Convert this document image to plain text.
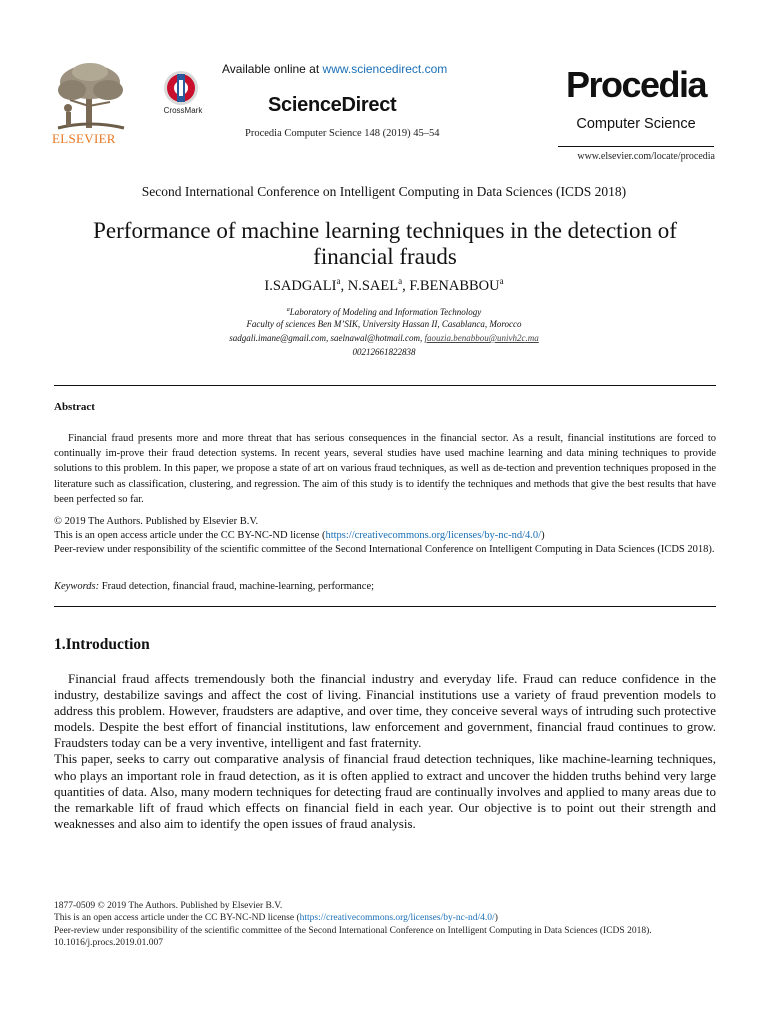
ELSEVIER
CrossMark
Available online at www.sciencedirect.com
ScienceDirect
Procedia Computer Science 148 (2019) 45–54
Procedia
Computer Science
www.elsevier.com/locate/procedia
Second International Conference on Intelligent Computing in Data Sciences (ICDS 2018)
Performance of machine learning techniques in the detection of financial frauds
I.SADGALI$^a$, N.SAEL$^a$, F.BENABBOU$^a$
$^a$Laboratory of Modeling and Information Technology
Faculty of sciences Ben M’SIK, University Hassan II, Casablanca, Morocco
sadgali.imane@gmail.com, saelnawal@hotmail.com, faouzia.benabbou@univh2c.ma
00212661822838
Abstract
Financial fraud presents more and more threat that has serious consequences in the financial sector. As a result, financial institutions are forced to continually im-prove their fraud detection systems. In recent years, several studies have used machine learning and data mining techniques to provide solutions to this problem. In this paper, we propose a state of art on various fraud techniques, as well as de-tection and prevention techniques proposed in the literature such as classification, clustering, and regression. The aim of this study is to identify the techniques and methods that give the best results that have been perfected so far.
© 2019 The Authors. Published by Elsevier B.V.
This is an open access article under the CC BY-NC-ND license (https://creativecommons.org/licenses/by-nc-nd/4.0/)
Peer-review under responsibility of the scientific committee of the Second International Conference on Intelligent Computing in Data Sciences (ICDS 2018).
Keywords: Fraud detection, financial fraud, machine-learning, performance;
1.Introduction

Financial fraud affects tremendously both the financial industry and everyday life. Fraud can reduce confidence in the industry, destabilize savings and affect the cost of living. Financial institutions use a variety of fraud prevention models to address this problem. However, fraudsters are adaptive, and over time, they conceive several ways of intruding such protective models. Despite the best effort of financial institutions, law enforcement and government, financial fraud continues to grow. Fraudsters today can be a very inventive, intelligent and fast fraternity.

This paper, seeks to carry out comparative analysis of financial fraud detection techniques, like machine-learning techniques, who plays an important role in fraud detection, as it is often applied to extract and uncover the hidden truths behind very large quantities of data. Also, many modern techniques for detecting fraud are continually involves and applied to many areas due to the remarkable lift of fraud which effects on financial field in each year. Our objective is to point out their strength and weaknesses and also aim to identify the open issues of fraud analysis.

1877-0509 © 2019 The Authors. Published by Elsevier B.V.
This is an open access article under the CC BY-NC-ND license (https://creativecommons.org/licenses/by-nc-nd/4.0/)
Peer-review under responsibility of the scientific committee of the Second International Conference on Intelligent Computing in Data Sciences (ICDS 2018).
10.1016/j.procs.2019.01.007
